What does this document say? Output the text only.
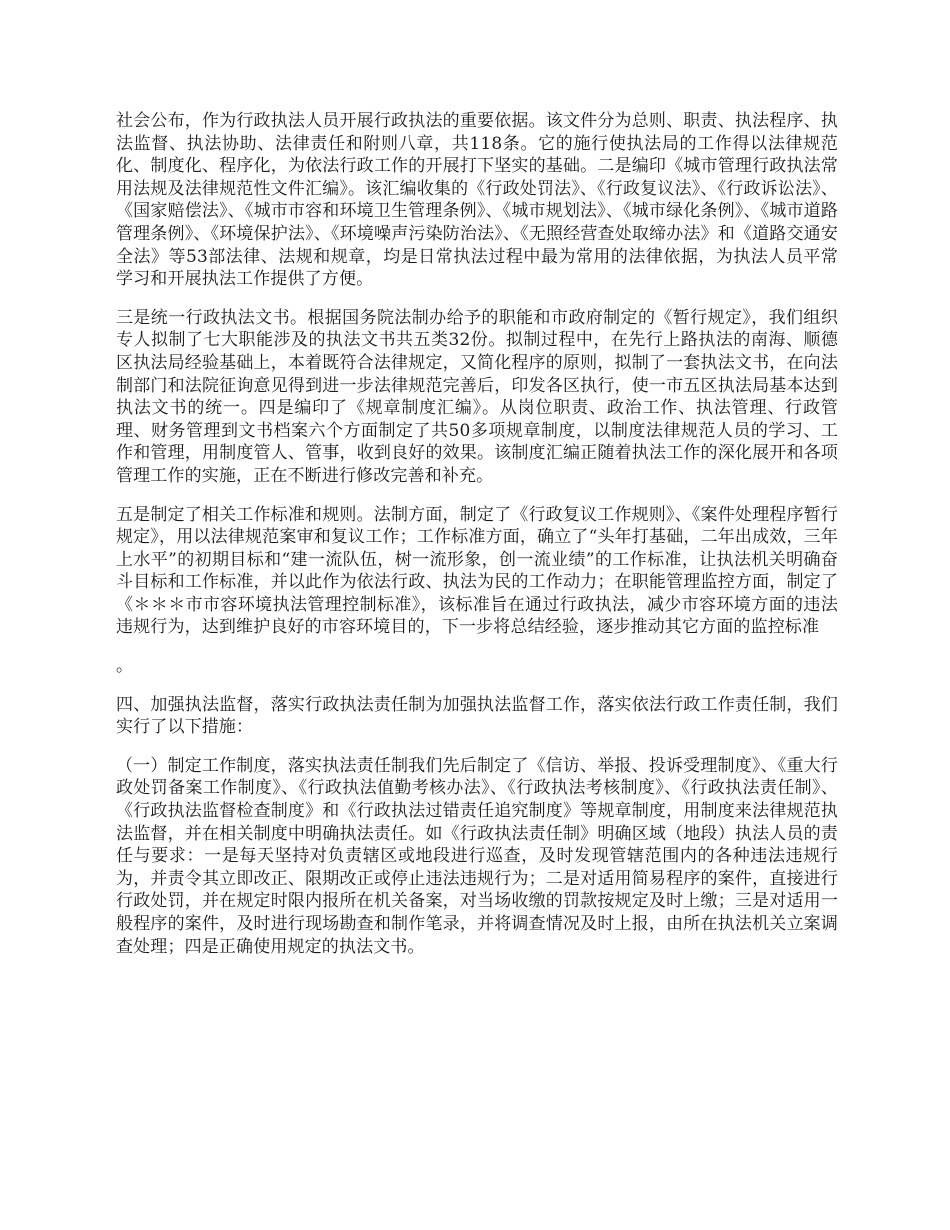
社会公布，作为行政执法人员开展行政执法的重要依据。该文件分为总则、职责、执法程序、执法监督、执法协助、法律责任和附则八章，共118条。它的施行使执法局的工作得以法律规范化、制度化、程序化，为依法行政工作的开展打下坚实的基础。二是编印《城市管理行政执法常用法规及法律规范性文件汇编》。该汇编收集的《行政处罚法》、《行政复议法》、《行政诉讼法》、《国家赔偿法》、《城市市容和环境卫生管理条例》、《城市规划法》、《城市绿化条例》、《城市道路管理条例》、《环境保护法》、《环境噪声污染防治法》、《无照经营查处取缔办法》和《道路交通安全法》等53部法律、法规和规章，均是日常执法过程中最为常用的法律依据，为执法人员平常学习和开展执法工作提供了方便。

三是统一行政执法文书。根据国务院法制办给予的职能和市政府制定的《暂行规定》，我们组织专人拟制了七大职能涉及的执法文书共五类32份。拟制过程中，在先行上路执法的南海、顺德区执法局经验基础上，本着既符合法律规定，又简化程序的原则，拟制了一套执法文书，在向法制部门和法院征询意见得到进一步法律规范完善后，印发各区执行，使一市五区执法局基本达到执法文书的统一。四是编印了《规章制度汇编》。从岗位职责、政治工作、执法管理、行政管理、财务管理到文书档案六个方面制定了共50多项规章制度，以制度法律规范人员的学习、工作和管理，用制度管人、管事，收到良好的效果。该制度汇编正随着执法工作的深化展开和各项管理工作的实施，正在不断进行修改完善和补充。

五是制定了相关工作标准和规则。法制方面，制定了《行政复议工作规则》、《案件处理程序暂行规定》，用以法律规范案审和复议工作；工作标准方面，确立了“头年打基础，二年出成效，三年上水平”的初期目标和“建一流队伍，树一流形象，创一流业绩”的工作标准，让执法机关明确奋斗目标和工作标准，并以此作为依法行政、执法为民的工作动力；在职能管理监控方面，制定了《＊＊＊市市容环境执法管理控制标准》，该标准旨在通过行政执法，减少市容环境方面的违法违规行为，达到维护良好的市容环境目的，下一步将总结经验，逐步推动其它方面的监控标准

。

四、加强执法监督，落实行政执法责任制为加强执法监督工作，落实依法行政工作责任制，我们实行了以下措施：

（一）制定工作制度，落实执法责任制我们先后制定了《信访、举报、投诉受理制度》、《重大行政处罚备案工作制度》、《行政执法值勤考核办法》、《行政执法考核制度》、《行政执法责任制》、《行政执法监督检查制度》和《行政执法过错责任追究制度》等规章制度，用制度来法律规范执法监督，并在相关制度中明确执法责任。如《行政执法责任制》明确区域（地段）执法人员的责任与要求：一是每天坚持对负责辖区或地段进行巡查，及时发现管辖范围内的各种违法违规行为，并责令其立即改正、限期改正或停止违法违规行为；二是对适用简易程序的案件，直接进行行政处罚，并在规定时限内报所在机关备案，对当场收缴的罚款按规定及时上缴；三是对适用一般程序的案件，及时进行现场勘查和制作笔录，并将调查情况及时上报，由所在执法机关立案调查处理；四是正确使用规定的执法文书。
